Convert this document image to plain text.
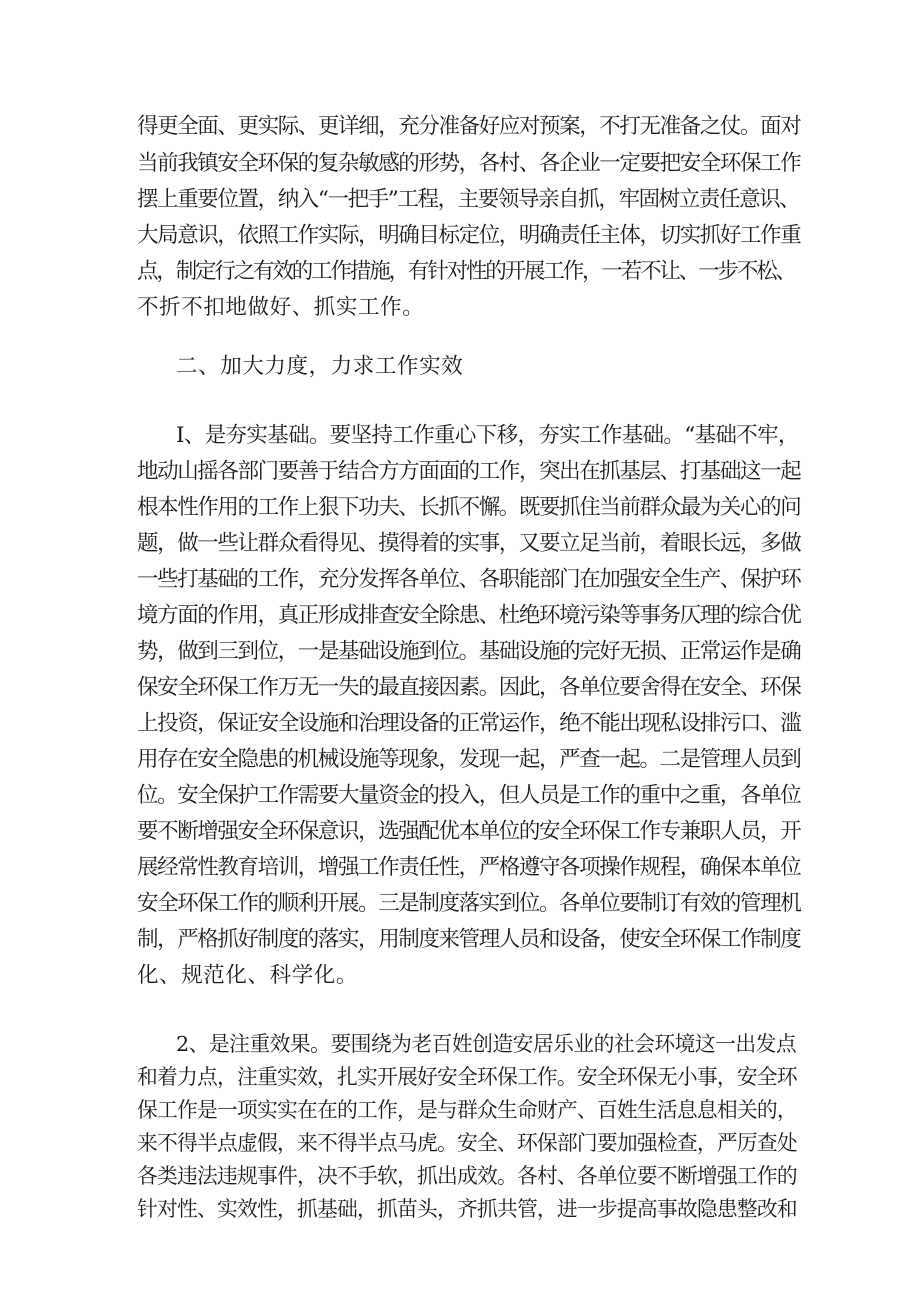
得更全面、更实际、更详细，充分准备好应对预案，不打无准备之仗。面对
当前我镇安全环保的复杂敏感的形势，各村、各企业一定要把安全环保工作
摆上重要位置，纳入“一把手”工程，主要领导亲自抓，牢固树立责任意识、
大局意识，依照工作实际，明确目标定位，明确责任主体，切实抓好工作重
点，制定行之有效的工作措施，有针对性的开展工作，一若不让、一步不松、
不折不扣地做好、抓实工作。
二、加大力度，力求工作实效
I、是夯实基础。要坚持工作重心下移，夯实工作基础。“基础不牢，
地动山摇各部门要善于结合方方面面的工作，突出在抓基层、打基础这一起
根本性作用的工作上狠下功夫、长抓不懈。既要抓住当前群众最为关心的问
题，做一些让群众看得见、摸得着的实事，又要立足当前，着眼长远，多做
一些打基础的工作，充分发挥各单位、各职能部门在加强安全生产、保护环
境方面的作用，真正形成排查安全除患、杜绝环境污染等事务仄理的综合优
势，做到三到位，一是基础设施到位。基础设施的完好无损、正常运作是确
保安全环保工作万无一失的最直接因素。因此，各单位要舍得在安全、环保
上投资，保证安全设施和治理设备的正常运作，绝不能出现私设排污口、滥
用存在安全隐患的机械设施等现象，发现一起，严查一起。二是管理人员到
位。安全保护工作需要大量资金的投入，但人员是工作的重中之重，各单位
要不断增强安全环保意识，选强配优本单位的安全环保工作专兼职人员，开
展经常性教育培训，增强工作责任性，严格遵守各项操作规程，确保本单位
安全环保工作的顺利开展。三是制度落实到位。各单位要制订有效的管理机
制，严格抓好制度的落实，用制度来管理人员和设备，使安全环保工作制度
化、规范化、科学化。
2、是注重效果。要围绕为老百姓创造安居乐业的社会环境这一出发点
和着力点，注重实效，扎实开展好安全环保工作。安全环保无小事，安全环
保工作是一项实实在在的工作，是与群众生命财产、百姓生活息息相关的，
来不得半点虚假，来不得半点马虎。安全、环保部门要加强检查，严厉查处
各类违法违规事件，决不手软，抓出成效。各村、各单位要不断增强工作的
针对性、实效性，抓基础，抓苗头，齐抓共管，进一步提高事故隐患整改和
